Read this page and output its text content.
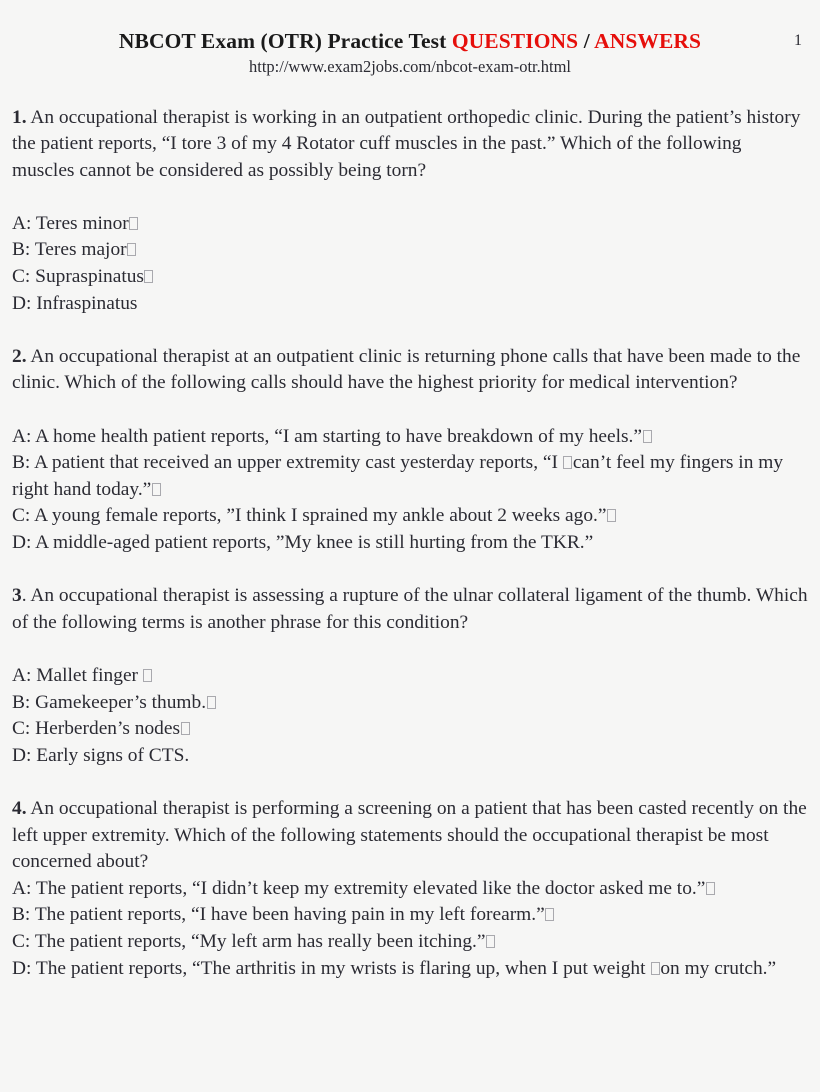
NBCOT Exam (OTR) Practice Test QUESTIONS / ANSWERS
http://www.exam2jobs.com/nbcot-exam-otr.html
1

1. An occupational therapist is working in an outpatient orthopedic clinic. During the patient’s history the patient reports, “I tore 3 of my 4 Rotator cuff muscles in the past.” Which of the following muscles cannot be considered as possibly being torn?

A: Teres minor

B: Teres major

C: Supraspinatus

D: Infraspinatus

2. An occupational therapist at an outpatient clinic is returning phone calls that have been made to the clinic. Which of the following calls should have the highest priority for medical intervention?

A: A home health patient reports, “I am starting to have breakdown of my heels.”

B: A patient that received an upper extremity cast yesterday reports, “I can’t feel my fingers in my right hand today.”

C: A young female reports, ”I think I sprained my ankle about 2 weeks ago.”

D: A middle-aged patient reports, ”My knee is still hurting from the TKR.”

3. An occupational therapist is assessing a rupture of the ulnar collateral ligament of the thumb. Which of the following terms is another phrase for this condition?

A: Mallet finger

B: Gamekeeper’s thumb.

C: Herberden’s nodes

D: Early signs of CTS.

4. An occupational therapist is performing a screening on a patient that has been casted recently on the left upper extremity. Which of the following statements should the occupational therapist be most concerned about?

A: The patient reports, “I didn’t keep my extremity elevated like the doctor asked me to.”

B: The patient reports, “I have been having pain in my left forearm.”

C: The patient reports, “My left arm has really been itching.”

D: The patient reports, “The arthritis in my wrists is flaring up, when I put weight on my crutch.”
